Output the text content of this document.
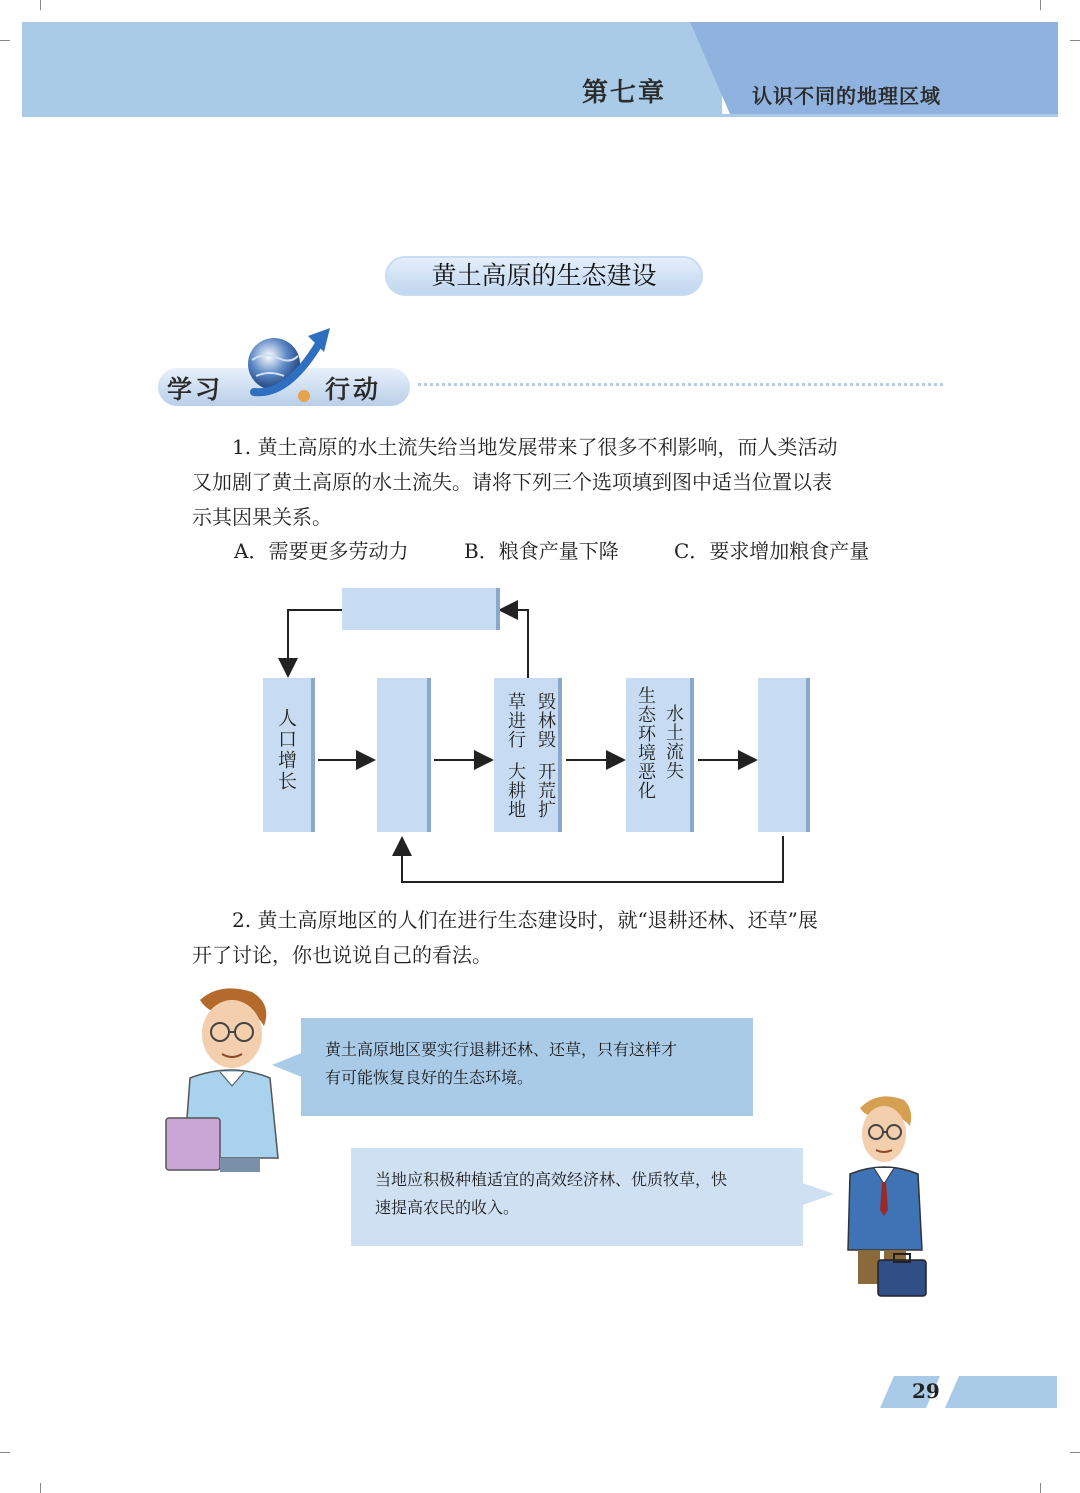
第七章	认识不同的地理区域
黄土高原的生态建设
学习	行动
1. 黄土高原的水土流失给当地发展带来了很多不利影响，而人类活动
又加剧了黄土高原的水土流失。请将下列三个选项填到图中适当位置以表
示其因果关系。
A．需要更多劳动力	B．粮食产量下降	C．要求增加粮食产量
人口增长	开荒扩大耕地
毁林毁草进行	水土流失
生态环境恶化
2. 黄土高原地区的人们在进行生态建设时，就“退耕还林、还草”展
开了讨论，你也说说自己的看法。
黄土高原地区要实行退耕还林、还草，只有这样才
有可能恢复良好的生态环境。
当地应积极种植适宜的高效经济林、优质牧草，快
速提高农民的收入。
29
